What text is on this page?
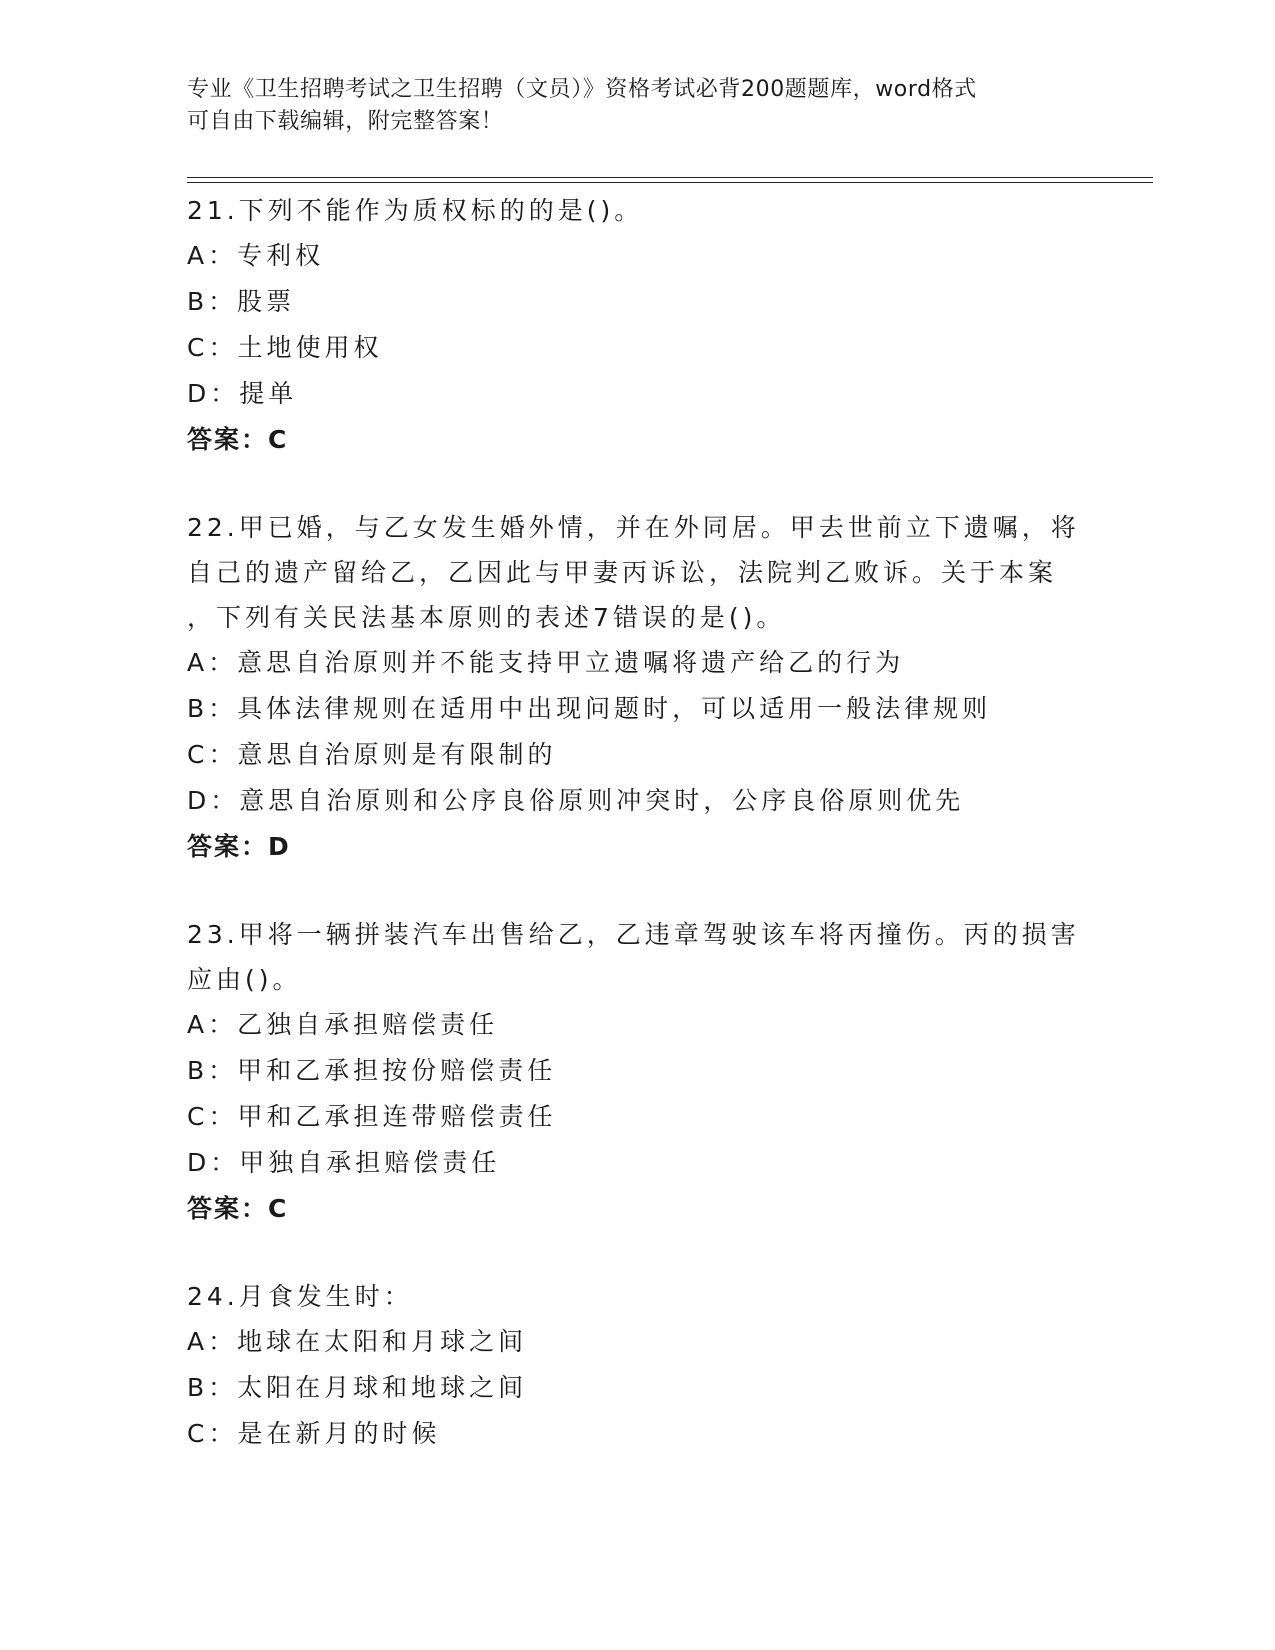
专业《卫生招聘考试之卫生招聘（文员）》资格考试必背200题题库，word格式
可自由下载编辑，附完整答案！
21.下列不能作为质权标的的是()。
A：专利权
B：股票
C：土地使用权
D：提单
答案：C
22.甲已婚，与乙女发生婚外情，并在外同居。甲去世前立下遗嘱，将
自己的遗产留给乙，乙因此与甲妻丙诉讼，法院判乙败诉。关于本案
，下列有关民法基本原则的表述7错误的是()。
A：意思自治原则并不能支持甲立遗嘱将遗产给乙的行为
B：具体法律规则在适用中出现问题时，可以适用一般法律规则
C：意思自治原则是有限制的
D：意思自治原则和公序良俗原则冲突时，公序良俗原则优先
答案：D
23.甲将一辆拼装汽车出售给乙，乙违章驾驶该车将丙撞伤。丙的损害
应由()。
A：乙独自承担赔偿责任
B：甲和乙承担按份赔偿责任
C：甲和乙承担连带赔偿责任
D：甲独自承担赔偿责任
答案：C
24.月食发生时：
A：地球在太阳和月球之间
B：太阳在月球和地球之间
C：是在新月的时候
